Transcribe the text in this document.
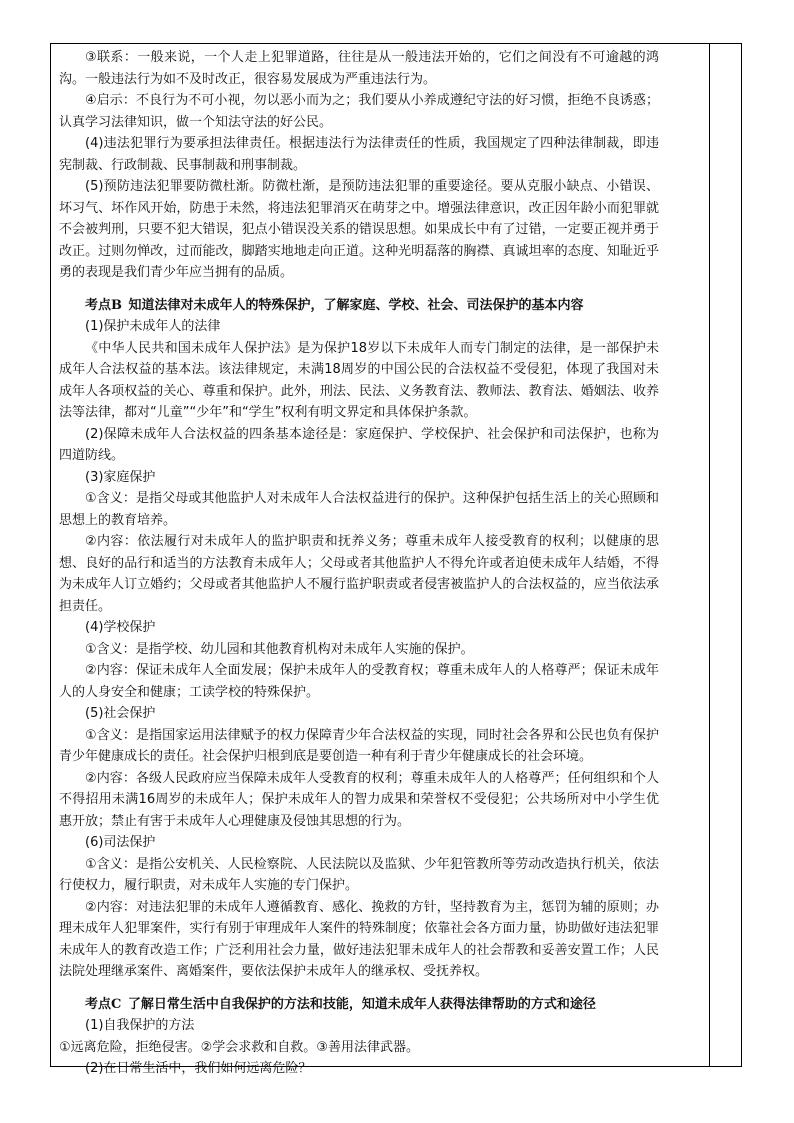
③联系：一般来说，一个人走上犯罪道路，往往是从一般违法开始的，它们之间没有不可逾越的鸿沟。一般违法行为如不及时改正，很容易发展成为严重违法行为。

④启示：不良行为不可小视，勿以恶小而为之；我们要从小养成遵纪守法的好习惯，拒绝不良诱惑；认真学习法律知识，做一个知法守法的好公民。

(4)违法犯罪行为要承担法律责任。根据违法行为法律责任的性质，我国规定了四种法律制裁，即违宪制裁、行政制裁、民事制裁和刑事制裁。

(5)预防违法犯罪要防微杜渐。防微杜渐，是预防违法犯罪的重要途径。要从克服小缺点、小错误、坏习气、坏作风开始，防患于未然，将违法犯罪消灭在萌芽之中。增强法律意识，改正因年龄小而犯罪就不会被判刑，只要不犯大错误，犯点小错误没关系的错误思想。如果成长中有了过错，一定要正视并勇于改正。过则勿惮改，过而能改，脚踏实地地走向正道。这种光明磊落的胸襟、真诚坦率的态度、知耻近乎勇的表现是我们青少年应当拥有的品质。

考点B  知道法律对未成年人的特殊保护，了解家庭、学校、社会、司法保护的基本内容

(1)保护未成年人的法律

《中华人民共和国未成年人保护法》是为保护18岁以下未成年人而专门制定的法律，是一部保护未成年人合法权益的基本法。该法律规定，未满18周岁的中国公民的合法权益不受侵犯，体现了我国对未成年人各项权益的关心、尊重和保护。此外，刑法、民法、义务教育法、教师法、教育法、婚姻法、收养法等法律，都对“儿童”“少年”和“学生”权利有明文界定和具体保护条款。

(2)保障未成年人合法权益的四条基本途径是：家庭保护、学校保护、社会保护和司法保护，也称为四道防线。

(3)家庭保护

①含义：是指父母或其他监护人对未成年人合法权益进行的保护。这种保护包括生活上的关心照顾和思想上的教育培养。

②内容：依法履行对未成年人的监护职责和抚养义务；尊重未成年人接受教育的权利；以健康的思想、良好的品行和适当的方法教育未成年人；父母或者其他监护人不得允许或者迫使未成年人结婚，不得为未成年人订立婚约；父母或者其他监护人不履行监护职责或者侵害被监护人的合法权益的，应当依法承担责任。

(4)学校保护

①含义：是指学校、幼儿园和其他教育机构对未成年人实施的保护。

②内容：保证未成年人全面发展；保护未成年人的受教育权；尊重未成年人的人格尊严；保证未成年人的人身安全和健康；工读学校的特殊保护。

(5)社会保护

①含义：是指国家运用法律赋予的权力保障青少年合法权益的实现，同时社会各界和公民也负有保护青少年健康成长的责任。社会保护归根到底是要创造一种有利于青少年健康成长的社会环境。

②内容：各级人民政府应当保障未成年人受教育的权利；尊重未成年人的人格尊严；任何组织和个人不得招用未满16周岁的未成年人；保护未成年人的智力成果和荣誉权不受侵犯；公共场所对中小学生优惠开放；禁止有害于未成年人心理健康及侵蚀其思想的行为。

(6)司法保护

①含义：是指公安机关、人民检察院、人民法院以及监狱、少年犯管教所等劳动改造执行机关，依法行使权力，履行职责，对未成年人实施的专门保护。

②内容：对违法犯罪的未成年人遵循教育、感化、挽救的方针，坚持教育为主，惩罚为辅的原则；办理未成年人犯罪案件，实行有别于审理成年人案件的特殊制度；依靠社会各方面力量，协助做好违法犯罪未成年人的教育改造工作；广泛利用社会力量，做好违法犯罪未成年人的社会帮教和妥善安置工作；人民法院处理继承案件、离婚案件，要依法保护未成年人的继承权、受抚养权。

考点C  了解日常生活中自我保护的方法和技能，知道未成年人获得法律帮助的方式和途径

(1)自我保护的方法

①远离危险，拒绝侵害。②学会求救和自救。③善用法律武器。

(2)在日常生活中，我们如何远离危险？
